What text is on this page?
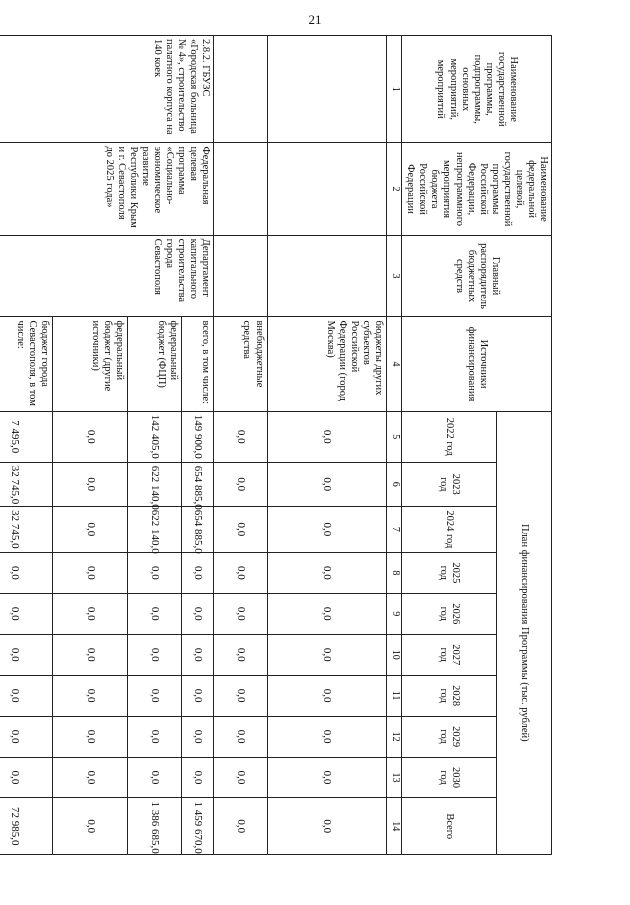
21
Наименование государственной программы, подпрограммы, основных мероприятий, мероприятий	Наименование федеральной целевой, государственной программы Российской Федерации, непрограммного мероприятия бюджета Российской Федерации	Главный распорядитель бюджетных средств	Источники финансирования	План финансирования Программы (тыс. рублей)									
				2022 год	2023 год	2024 год	2025 год	2026 год	2027 год	2028 год	2029 год	2030 год	Всего
1	2	3	4	5	6	7	8	9	10	11	12	13	14
			бюджеты других субъектов Российской Федерации (город Москва)	0,0	0,0	0,0	0,0	0,0	0,0	0,0	0,0	0,0	0,0
			внебюджетные средства	0,0	0,0	0,0	0,0	0,0	0,0	0,0	0,0	0,0	0,0
2.8.2. ГБУЗС «Городская больница № 4», строительство палатного корпуса на 140 коек	Федеральная целевая программа «Социально-экономическое развитие Республики Крым и г. Севастополя до 2025 года»	Департамент капитального строительства города Севастополя	всего, в том числе:	149 900,0	654 885,0	654 885,0	0,0	0,0	0,0	0,0	0,0	0,0	1 459 670,0
			федеральный бюджет (ФЦП)	142 405,0	622 140,0	622 140,0	0,0	0,0	0,0	0,0	0,0	0,0	1 386 685,0
			федеральный бюджет (другие источники)	0,0	0,0	0,0	0,0	0,0	0,0	0,0	0,0	0,0	0,0
			бюджет города Севастополя, в том числе:	7 495,0	32 745,0	32 745,0	0,0	0,0	0,0	0,0	0,0	0,0	72 985,0
